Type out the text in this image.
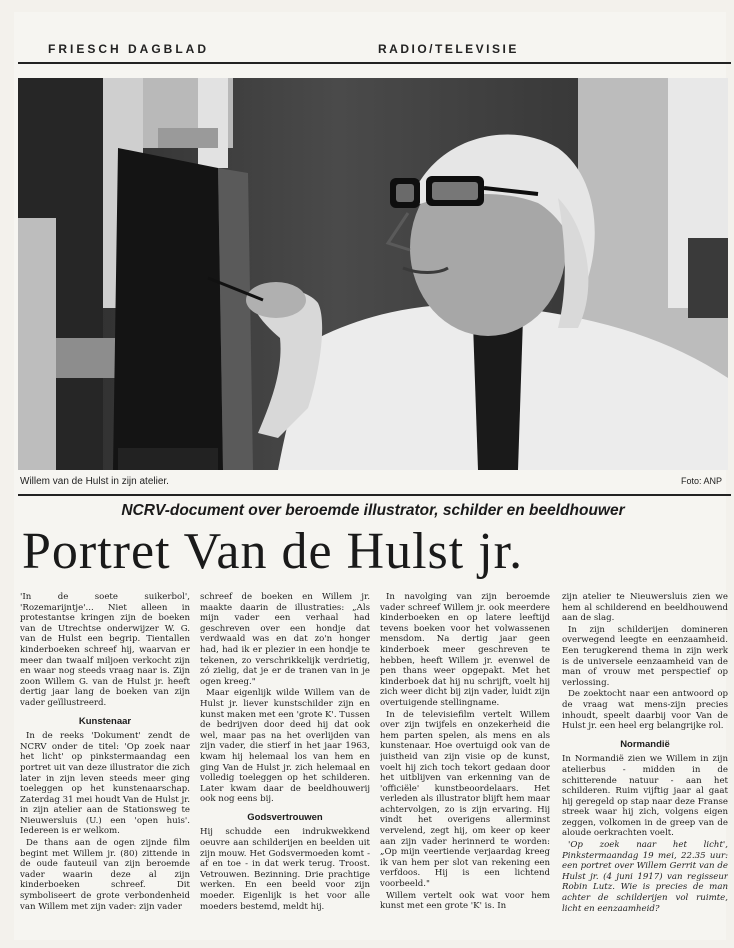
FRIESCH DAGBLAD	RADIO/TELEVISIE
Willem van de Hulst in zijn atelier.	Foto: ANP
NCRV-document over beroemde illustrator, schilder en beeldhouwer
Portret Van de Hulst jr.

'In de soete suikerbol', 'Rozemarijntje'... Niet alleen in protestantse kringen zijn de boeken van de Utrechtse onderwijzer W. G. van de Hulst een begrip. Tientallen kinderboeken schreef hij, waarvan er meer dan twaalf miljoen verkocht zijn en waar nog steeds vraag naar is. Zijn zoon Willem G. van de Hulst jr. heeft dertig jaar lang de boeken van zijn vader geïllustreerd.

Kunstenaar

In de reeks 'Dokument' zendt de NCRV onder de titel: 'Op zoek naar het licht' op pinkstermaandag een portret uit van deze illustrator die zich later in zijn leven steeds meer ging toeleggen op het kunstenaarschap. Zaterdag 31 mei houdt Van de Hulst jr. in zijn atelier aan de Stationsweg te Nieuwersluis (U.) een 'open huis'. Iedereen is er welkom.

De thans aan de ogen zijnde film begint met Willem jr. (80) zittende in de oude fauteuil van zijn beroemde vader waarin deze al zijn kinderboeken schreef. Dit symboliseert de grote verbondenheid van Willem met zijn vader: zijn vader

schreef de boeken en Willem jr. maakte daarin de illustraties: „Als mijn vader een verhaal had geschreven over een hondje dat verdwaald was en dat zo'n honger had, had ik er plezier in een hondje te tekenen, zo verschrikkelijk verdrietig, zó zielig, dat je er de tranen van in je ogen kreeg."

Maar eigenlijk wilde Willem van de Hulst jr. liever kunstschilder zijn en kunst maken met een 'grote K'. Tussen de bedrijven door deed hij dat ook wel, maar pas na het overlijden van zijn vader, die stierf in het jaar 1963, kwam hij helemaal los van hem en ging Van de Hulst jr. zich helemaal en volledig toeleggen op het schilderen. Later kwam daar de beeldhouwerij ook nog eens bij.

Godsvertrouwen

Hij schudde een indrukwekkend oeuvre aan schilderijen en beelden uit zijn mouw. Het Godsvermoeden komt - af en toe - in dat werk terug. Troost. Vetrouwen. Bezinning. Drie prachtige werken. En een beeld voor zijn moeder. Eigenlijk is het voor alle moeders bestemd, meldt hij.

In navolging van zijn beroemde vader schreef Willem jr. ook meerdere kinderboeken en op latere leeftijd tevens boeken voor het volwassenen mensdom. Na dertig jaar geen kinderboek meer geschreven te hebben, heeft Willem jr. evenwel de pen thans weer opgepakt. Met het kinderboek dat hij nu schrijft, voelt hij zich weer dicht bij zijn vader, luidt zijn overtuigende stellingname.

In de televisiefilm vertelt Willem over zijn twijfels en onzekerheid die hem parten spelen, als mens en als kunstenaar. Hoe overtuigd ook van de juistheid van zijn visie op de kunst, voelt hij zich toch tekort gedaan door het uitblijven van erkenning van de 'officiële' kunstbeoordelaars. Het verleden als illustrator blijft hem maar achtervolgen, zo is zijn ervaring. Hij vindt het overigens allerminst vervelend, zegt hij, om keer op keer aan zijn vader herinnerd te worden: „Op mijn veertiende verjaardag kreeg ik van hem per slot van rekening een verfdoos. Hij is een lichtend voorbeeld."

Willem vertelt ook wat voor hem kunst met een grote 'K' is. In

zijn atelier te Nieuwersluis zien we hem al schilderend en beeldhouwend aan de slag.

In zijn schilderijen domineren overwegend leegte en eenzaamheid. Een terugkerend thema in zijn werk is de universele eenzaamheid van de man of vrouw met perspectief op verlossing.

De zoektocht naar een antwoord op de vraag wat mens-zijn precies inhoudt, speelt daarbij voor Van de Hulst jr. een heel erg belangrijke rol.

Normandië

In Normandië zien we Willem in zijn atelierbus - midden in de schitterende natuur - aan het schilderen. Ruim vijftig jaar al gaat hij geregeld op stap naar deze Franse streek waar hij zich, volgens eigen zeggen, volkomen in de greep van de aloude oerkrachten voelt.

'Op zoek naar het licht', Pinkstermaandag 19 mei, 22.35 uur: een portret over Willem Gerrit van de Hulst jr. (4 juni 1917) van regisseur Robin Lutz. Wie is precies de man achter de schilderijen vol ruimte, licht en eenzaamheid?
